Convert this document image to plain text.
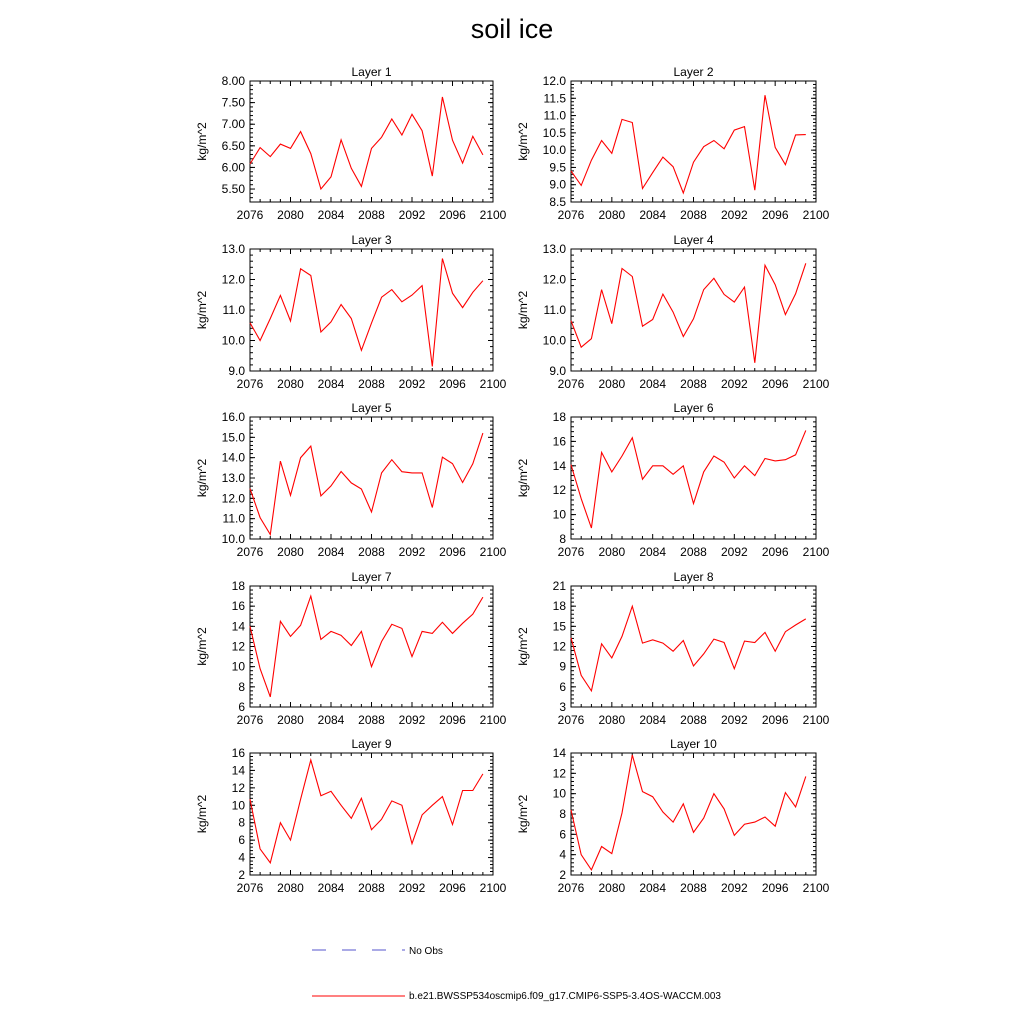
soil ice
Layer 1
kg/m^2
2076 2080 2084 2088 2092 2096 2100
5.50
6.00
6.50
7.00
7.50
8.00
Layer 2
kg/m^2
2076 2080 2084 2088 2092 2096 2100
8.5
9.0
9.5
10.0
10.5
11.0
11.5
12.0
Layer 3
kg/m^2
2076 2080 2084 2088 2092 2096 2100
9.0
10.0
11.0
12.0
13.0
Layer 4
kg/m^2
2076 2080 2084 2088 2092 2096 2100
9.0
10.0
11.0
12.0
13.0
Layer 5
kg/m^2
2076 2080 2084 2088 2092 2096 2100
10.0
11.0
12.0
13.0
14.0
15.0
16.0
Layer 6
kg/m^2
2076 2080 2084 2088 2092 2096 2100
8
10
12
14
16
18
Layer 7
kg/m^2
2076 2080 2084 2088 2092 2096 2100
6
8
10
12
14
16
18
Layer 8
kg/m^2
2076 2080 2084 2088 2092 2096 2100
3
6
9
12
15
18
21
Layer 9
kg/m^2
2076 2080 2084 2088 2092 2096 2100
2
4
6
8
10
12
14
16
Layer 10
kg/m^2
2076 2080 2084 2088 2092 2096 2100
2
4
6
8
10
12
14
No Obs
b.e21.BWSSP534oscmip6.f09_g17.CMIP6-SSP5-3.4OS-WACCM.003
